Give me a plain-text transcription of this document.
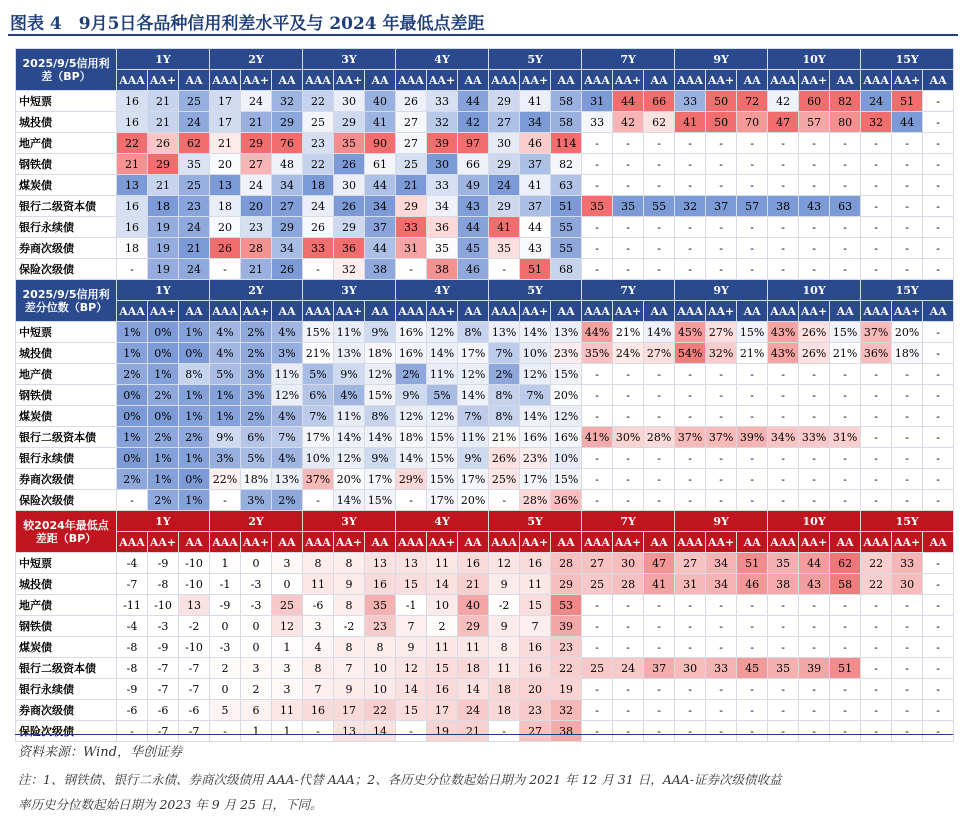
图表 4　9月5日各品种信用利差水平及与 2024 年最低点差距
2025/9/5信用利差（BP）	1Y			2Y			3Y			4Y			5Y			7Y			9Y			10Y			15Y		
	AAA	AA+	AA	AAA	AA+	AA	AAA	AA+	AA	AAA	AA+	AA	AAA	AA+	AA	AAA	AA+	AA	AAA	AA+	AA	AAA	AA+	AA	AAA	AA+	AA
中短票	16	21	25	17	24	32	22	30	40	26	33	44	29	41	58	31	44	66	33	50	72	42	60	82	24	51	-
城投债	16	21	24	17	21	29	25	29	41	27	32	42	27	34	58	33	42	62	41	50	70	47	57	80	32	44	-
地产债	22	26	62	21	29	76	23	35	90	27	39	97	30	46	114	-	-	-	-	-	-	-	-	-	-	-	-
钢铁债	21	29	35	20	27	48	22	26	61	25	30	66	29	37	82	-	-	-	-	-	-	-	-	-	-	-	-
煤炭债	13	21	25	13	24	34	18	30	44	21	33	49	24	41	63	-	-	-	-	-	-	-	-	-	-	-	-
银行二级资本债	16	18	23	18	20	27	24	26	34	29	34	43	29	37	51	35	35	55	32	37	57	38	43	63	-	-	-
银行永续债	16	19	24	20	23	29	26	29	37	33	36	44	41	44	55	-	-	-	-	-	-	-	-	-	-	-	-
券商次级债	18	19	21	26	28	34	33	36	44	31	35	45	35	43	55	-	-	-	-	-	-	-	-	-	-	-	-
保险次级债	-	19	24	-	21	26	-	32	38	-	38	46	-	51	68	-	-	-	-	-	-	-	-	-	-	-	-
2025/9/5信用利差分位数（BP）	1Y			2Y			3Y			4Y			5Y			7Y			9Y			10Y			15Y		
	AAA	AA+	AA	AAA	AA+	AA	AAA	AA+	AA	AAA	AA+	AA	AAA	AA+	AA	AAA	AA+	AA	AAA	AA+	AA	AAA	AA+	AA	AAA	AA+	AA
中短票	1%	0%	1%	4%	2%	4%	15%	11%	9%	16%	12%	8%	13%	14%	13%	44%	21%	14%	45%	27%	15%	43%	26%	15%	37%	20%	-
城投债	1%	0%	0%	4%	2%	3%	21%	13%	18%	16%	14%	17%	7%	10%	23%	35%	24%	27%	54%	32%	21%	43%	26%	21%	36%	18%	-
地产债	2%	1%	8%	5%	3%	11%	5%	9%	12%	2%	11%	12%	2%	12%	15%	-	-	-	-	-	-	-	-	-	-	-	-
钢铁债	0%	2%	1%	1%	3%	12%	6%	4%	15%	9%	5%	14%	8%	7%	20%	-	-	-	-	-	-	-	-	-	-	-	-
煤炭债	0%	0%	1%	1%	2%	4%	7%	11%	8%	12%	12%	7%	8%	14%	12%	-	-	-	-	-	-	-	-	-	-	-	-
银行二级资本债	1%	2%	2%	9%	6%	7%	17%	14%	14%	18%	15%	11%	21%	16%	16%	41%	30%	28%	37%	37%	39%	34%	33%	31%	-	-	-
银行永续债	0%	1%	1%	3%	5%	4%	10%	12%	9%	14%	15%	9%	26%	23%	10%	-	-	-	-	-	-	-	-	-	-	-	-
券商次级债	2%	1%	0%	22%	18%	13%	37%	20%	17%	29%	15%	17%	25%	17%	15%	-	-	-	-	-	-	-	-	-	-	-	-
保险次级债	-	2%	1%	-	3%	2%	-	14%	15%	-	17%	20%	-	28%	36%	-	-	-	-	-	-	-	-	-	-	-	-
较2024年最低点差距（BP）	1Y			2Y			3Y			4Y			5Y			7Y			9Y			10Y			15Y		
	AAA	AA+	AA	AAA	AA+	AA	AAA	AA+	AA	AAA	AA+	AA	AAA	AA+	AA	AAA	AA+	AA	AAA	AA+	AA	AAA	AA+	AA	AAA	AA+	AA
中短票	-4	-9	-10	1	0	3	8	8	13	13	11	16	12	16	28	27	30	47	27	34	51	35	44	62	22	33	-
城投债	-7	-8	-10	-1	-3	0	11	9	16	15	14	21	9	11	29	25	28	41	31	34	46	38	43	58	22	30	-
地产债	-11	-10	13	-9	-3	25	-6	8	35	-1	10	40	-2	15	53	-	-	-	-	-	-	-	-	-	-	-	-
钢铁债	-4	-3	-2	0	0	12	3	-2	23	7	2	29	9	7	39	-	-	-	-	-	-	-	-	-	-	-	-
煤炭债	-8	-9	-10	-3	0	1	4	8	8	9	11	11	8	16	23	-	-	-	-	-	-	-	-	-	-	-	-
银行二级资本债	-8	-7	-7	2	3	3	8	7	10	12	15	18	11	16	22	25	24	37	30	33	45	35	39	51	-	-	-
银行永续债	-9	-7	-7	0	2	3	7	9	10	14	16	14	18	20	19	-	-	-	-	-	-	-	-	-	-	-	-
券商次级债	-6	-6	-6	5	6	11	16	17	22	15	17	24	18	23	32	-	-	-	-	-	-	-	-	-	-	-	-
保险次级债	-	-7	-7	-	1	1	-	13	14	-	19	21	-	27	38	-	-	-	-	-	-	-	-	-	-	-	-
资料来源：Wind，华创证券
注：1、钢铁债、银行二永债、券商次级债用 AAA-代替 AAA；2、各历史分位数起始日期为 2021 年 12 月 31 日，AAA-证券次级债收益
率历史分位数起始日期为 2023 年 9 月 25 日，下同。
